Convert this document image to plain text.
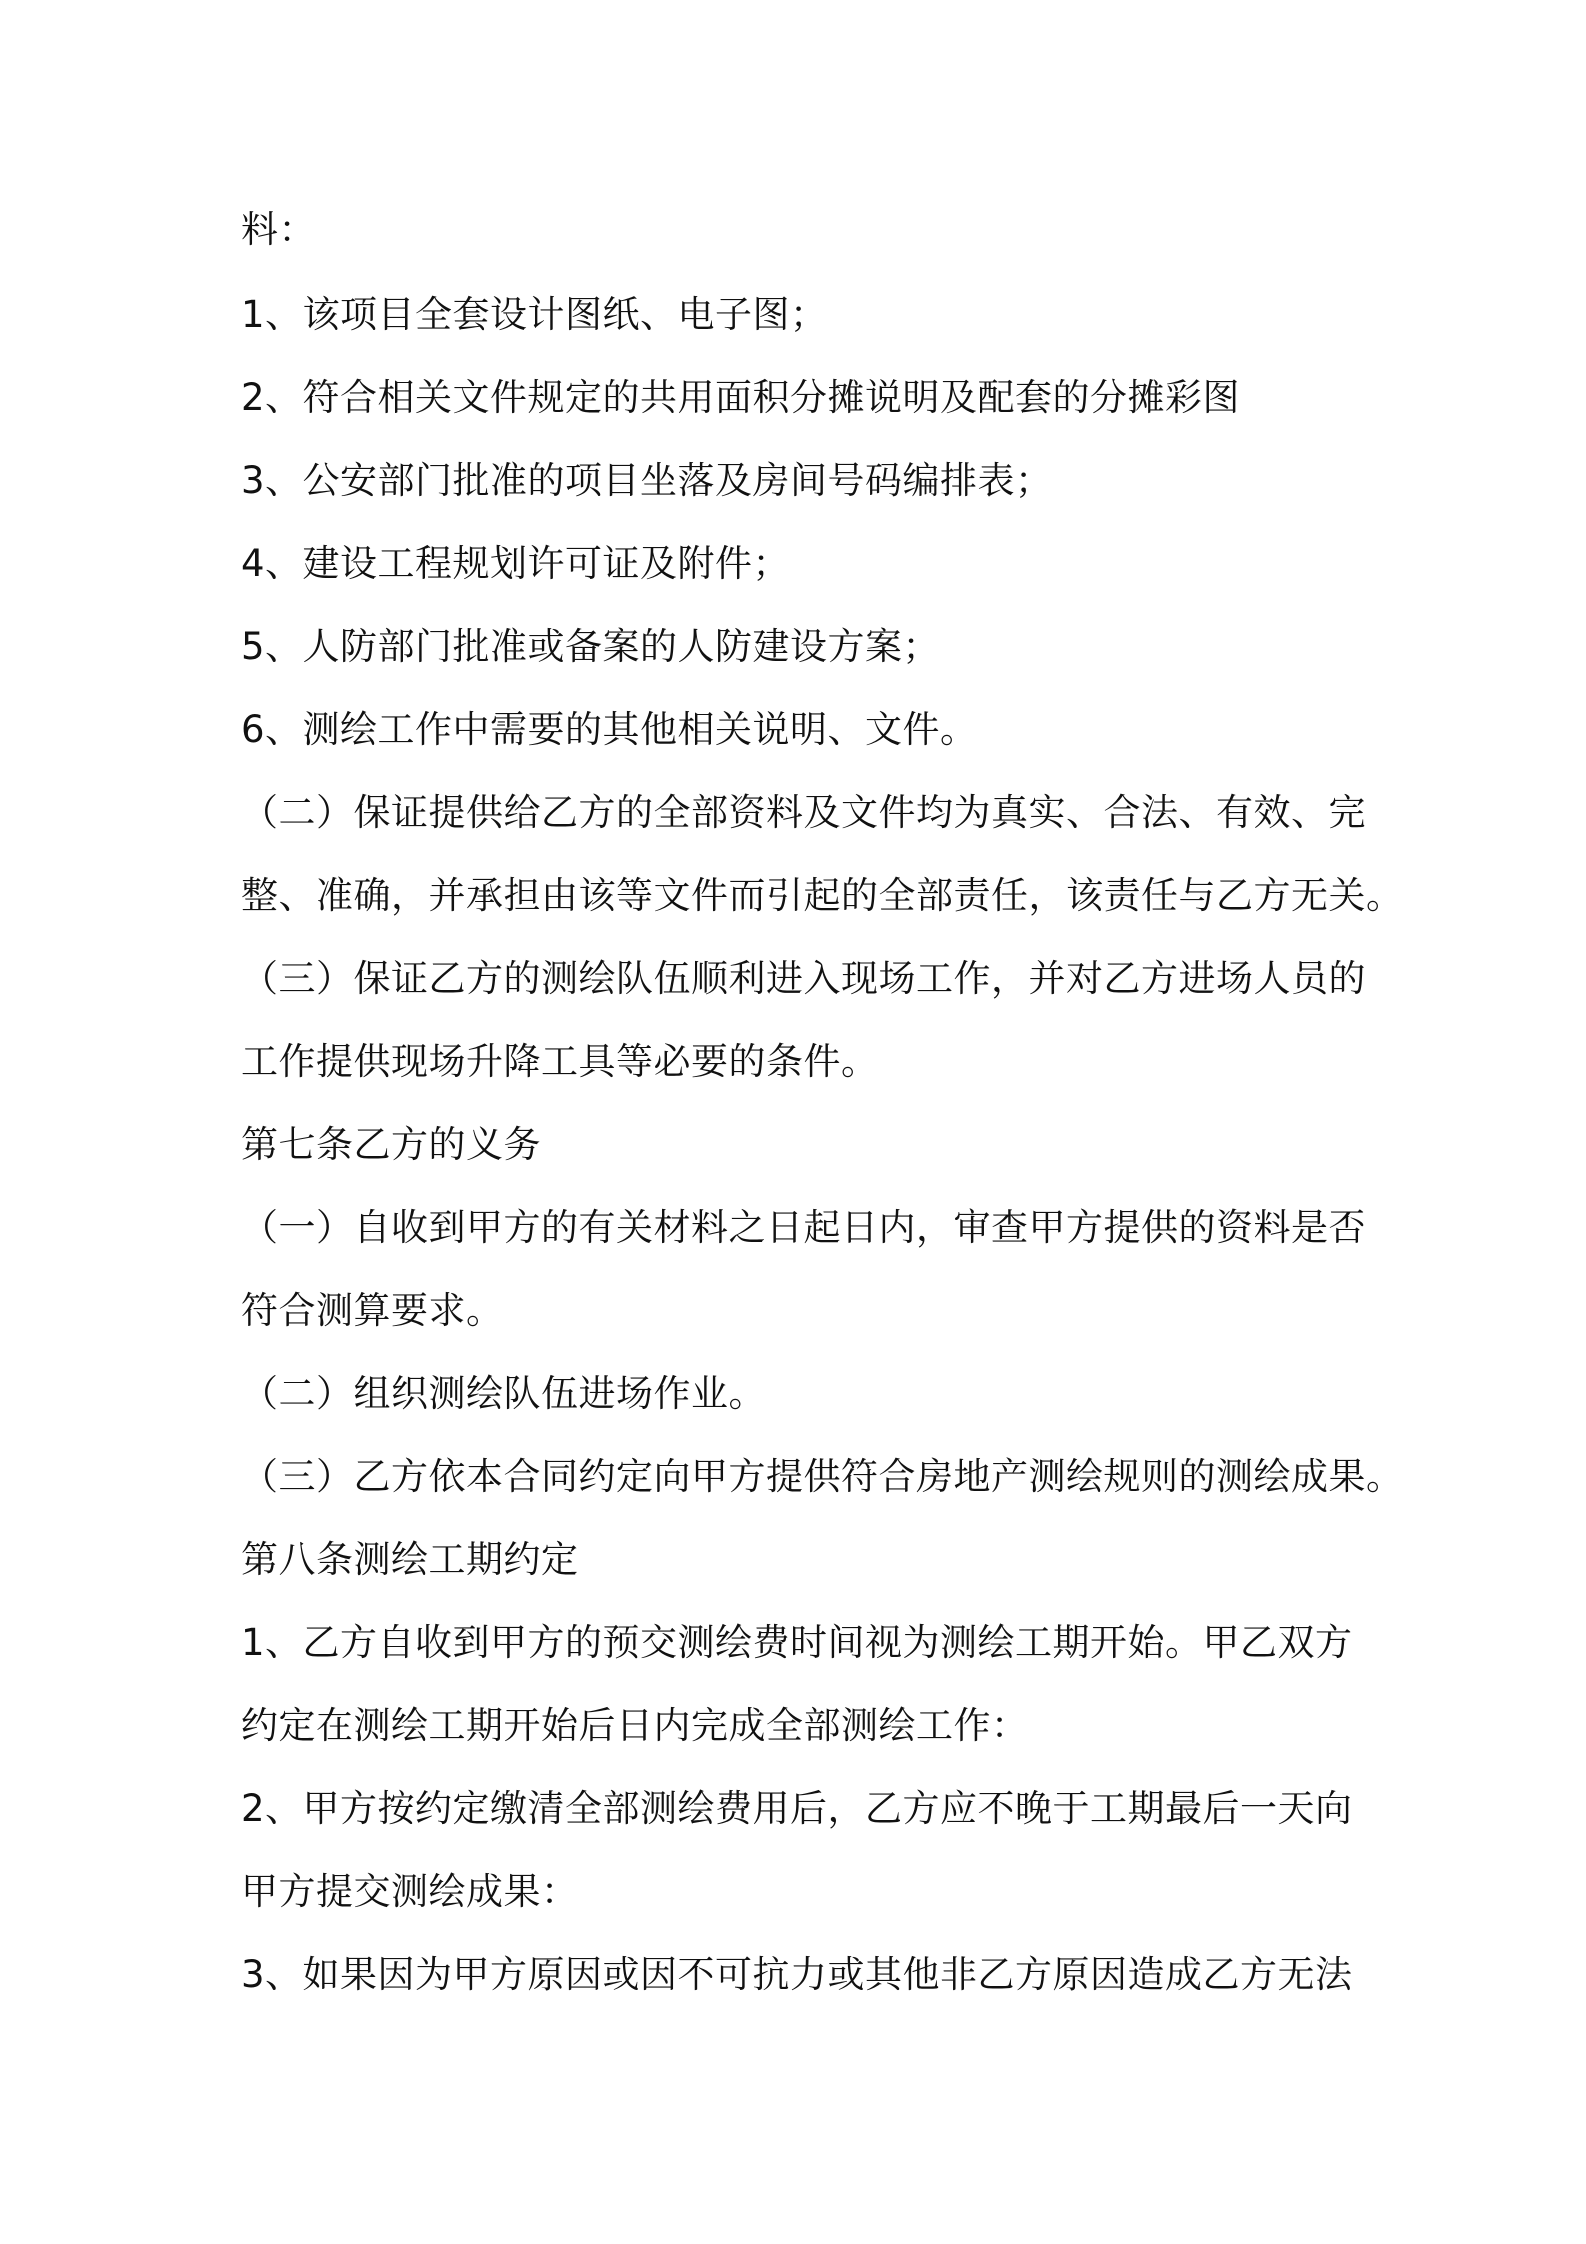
料：
1、该项目全套设计图纸、电子图；
2、符合相关文件规定的共用面积分摊说明及配套的分摊彩图
3、公安部门批准的项目坐落及房间号码编排表；
4、建设工程规划许可证及附件；
5、人防部门批准或备案的人防建设方案；
6、测绘工作中需要的其他相关说明、文件。
（二）保证提供给乙方的全部资料及文件均为真实、合法、有效、完
整、准确，并承担由该等文件而引起的全部责任，该责任与乙方无关。
（三）保证乙方的测绘队伍顺利进入现场工作，并对乙方进场人员的
工作提供现场升降工具等必要的条件。
第七条乙方的义务
（一）自收到甲方的有关材料之日起日内，审查甲方提供的资料是否
符合测算要求。
（二）组织测绘队伍进场作业。
（三）乙方依本合同约定向甲方提供符合房地产测绘规则的测绘成果。
第八条测绘工期约定
1、乙方自收到甲方的预交测绘费时间视为测绘工期开始。甲乙双方
约定在测绘工期开始后日内完成全部测绘工作：
2、甲方按约定缴清全部测绘费用后，乙方应不晚于工期最后一天向
甲方提交测绘成果：
3、如果因为甲方原因或因不可抗力或其他非乙方原因造成乙方无法
